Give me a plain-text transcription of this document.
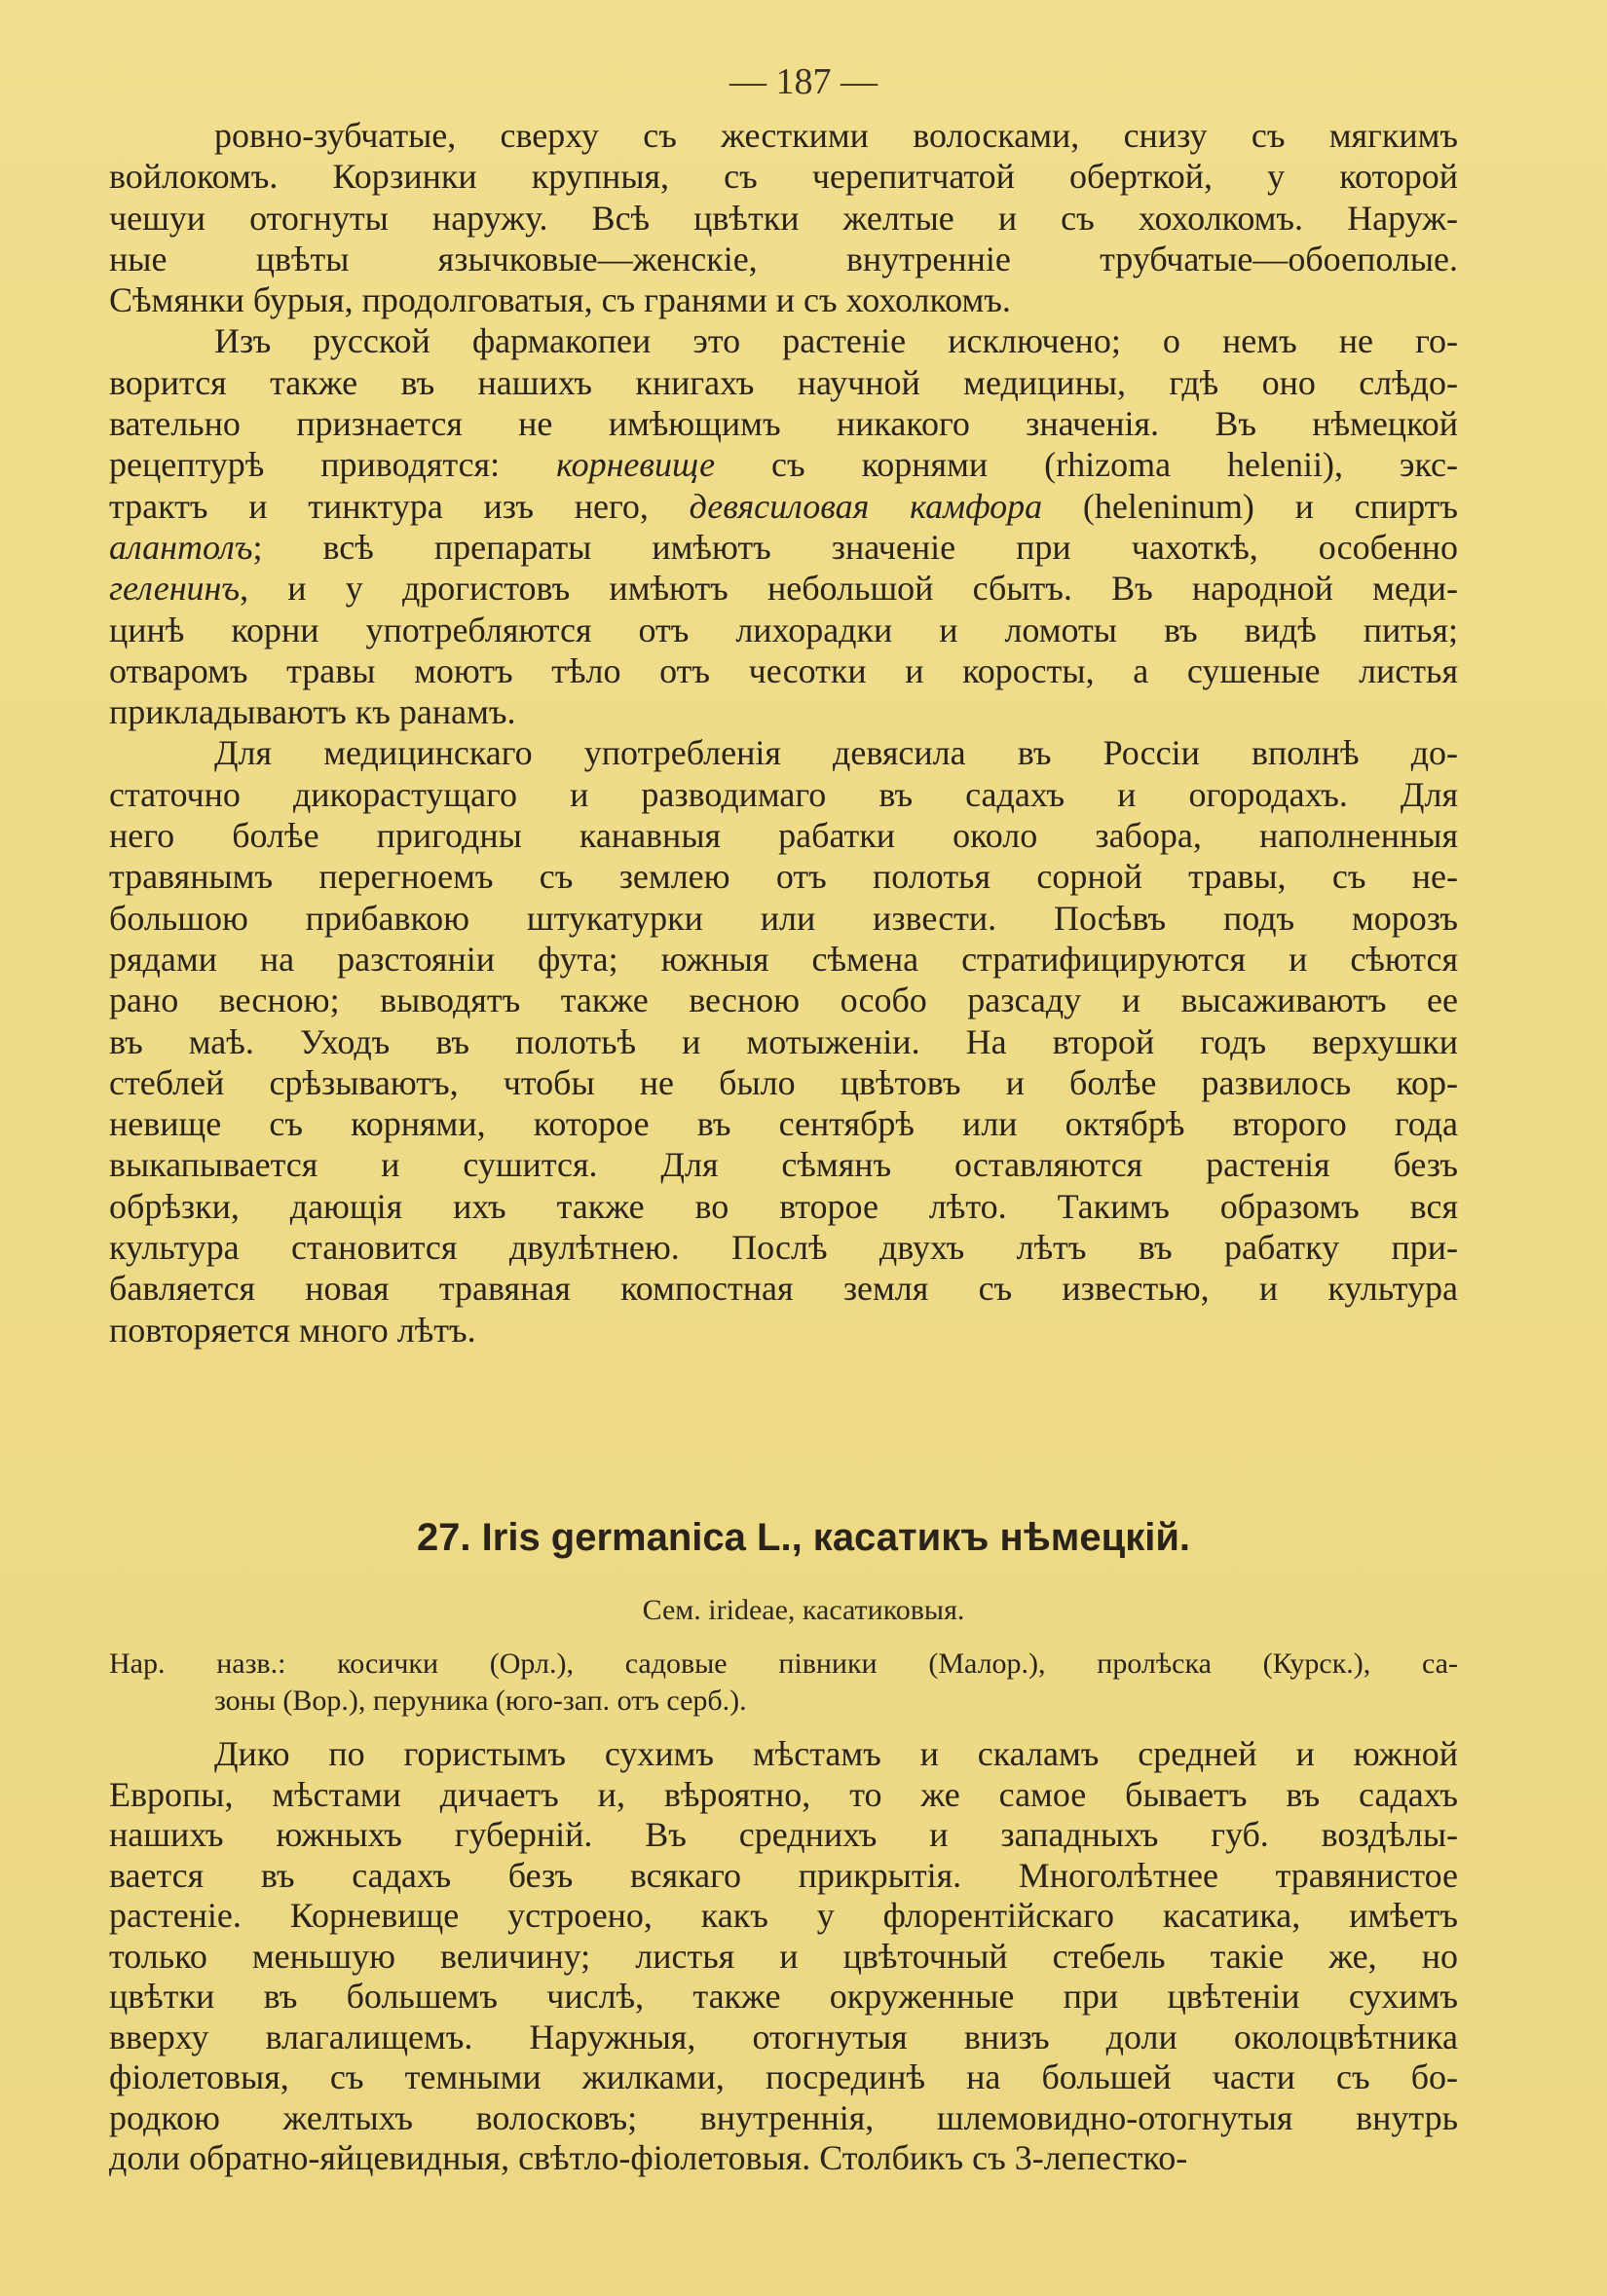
— 187 —
ровно-зубчатые, сверху съ жесткими волосками, снизу съ мягкимъ
войлокомъ. Корзинки крупныя, съ черепитчатой оберткой, у которой
чешуи отогнуты наружу. Всѣ цвѣтки желтые и съ хохолкомъ. Наруж-
ные цвѣты язычковые—женскіе, внутренніе трубчатые—обоеполые.
Сѣмянки бурыя, продолговатыя, съ гранями и съ хохолкомъ.
Изъ русской фармакопеи это растеніе исключено; о немъ не го-
ворится также въ нашихъ книгахъ научной медицины, гдѣ оно слѣдо-
вательно признается не имѣющимъ никакого значенія. Въ нѣмецкой
рецептурѣ приводятся: корневище съ корнями (rhizoma helenii), экс-
трактъ и тинктура изъ него, девясиловая камфора (heleninum) и спиртъ
алантолъ; всѣ препараты имѣютъ значеніе при чахоткѣ, особенно
геленинъ, и у дрогистовъ имѣютъ небольшой сбытъ. Въ народной меди-
цинѣ корни употребляются отъ лихорадки и ломоты въ видѣ питья;
отваромъ травы моютъ тѣло отъ чесотки и коросты, а сушеные листья
прикладываютъ къ ранамъ.
Для медицинскаго употребленія девясила въ Россіи вполнѣ до-
статочно дикорастущаго и разводимаго въ садахъ и огородахъ. Для
него болѣе пригодны канавныя рабатки около забора, наполненныя
травянымъ перегноемъ съ землею отъ полотья сорной травы, съ не-
большою прибавкою штукатурки или извести. Посѣвъ подъ морозъ
рядами на разстояніи фута; южныя сѣмена стратифицируются и сѣются
рано весною; выводятъ также весною особо разсаду и высаживаютъ ее
въ маѣ. Уходъ въ полотьѣ и мотыженіи. На второй годъ верхушки
стеблей срѣзываютъ, чтобы не было цвѣтовъ и болѣе развилось кор-
невище съ корнями, которое въ сентябрѣ или октябрѣ второго года
выкапывается и сушится. Для сѣмянъ оставляются растенія безъ
обрѣзки, дающія ихъ также во второе лѣто. Такимъ образомъ вся
культура становится двулѣтнею. Послѣ двухъ лѣтъ въ рабатку при-
бавляется новая травяная компостная земля съ известью, и культура
повторяется много лѣтъ.
27. Iris germanica L., касатикъ нѣмецкій.
Сем. irideae, касатиковыя.
Нар. назв.: косички (Орл.), садовые півники (Малор.), пролѣска (Курск.), са-
зоны (Вор.), перуника (юго-зап. отъ серб.).
Дико по гористымъ сухимъ мѣстамъ и скаламъ средней и южной
Европы, мѣстами дичаетъ и, вѣроятно, то же самое бываетъ въ садахъ
нашихъ южныхъ губерній. Въ среднихъ и западныхъ губ. воздѣлы-
вается въ садахъ безъ всякаго прикрытія. Многолѣтнее травянистое
растеніе. Корневище устроено, какъ у флорентійскаго касатика, имѣетъ
только меньшую величину; листья и цвѣточный стебель такіе же, но
цвѣтки въ большемъ числѣ, также окруженные при цвѣтеніи сухимъ
вверху влагалищемъ. Наружныя, отогнутыя внизъ доли околоцвѣтника
фіолетовыя, съ темными жилками, посрединѣ на большей части съ бо-
родкою желтыхъ волосковъ; внутреннія, шлемовидно-отогнутыя внутрь
доли обратно-яйцевидныя, свѣтло-фіолетовыя. Столбикъ съ 3-лепестко-
